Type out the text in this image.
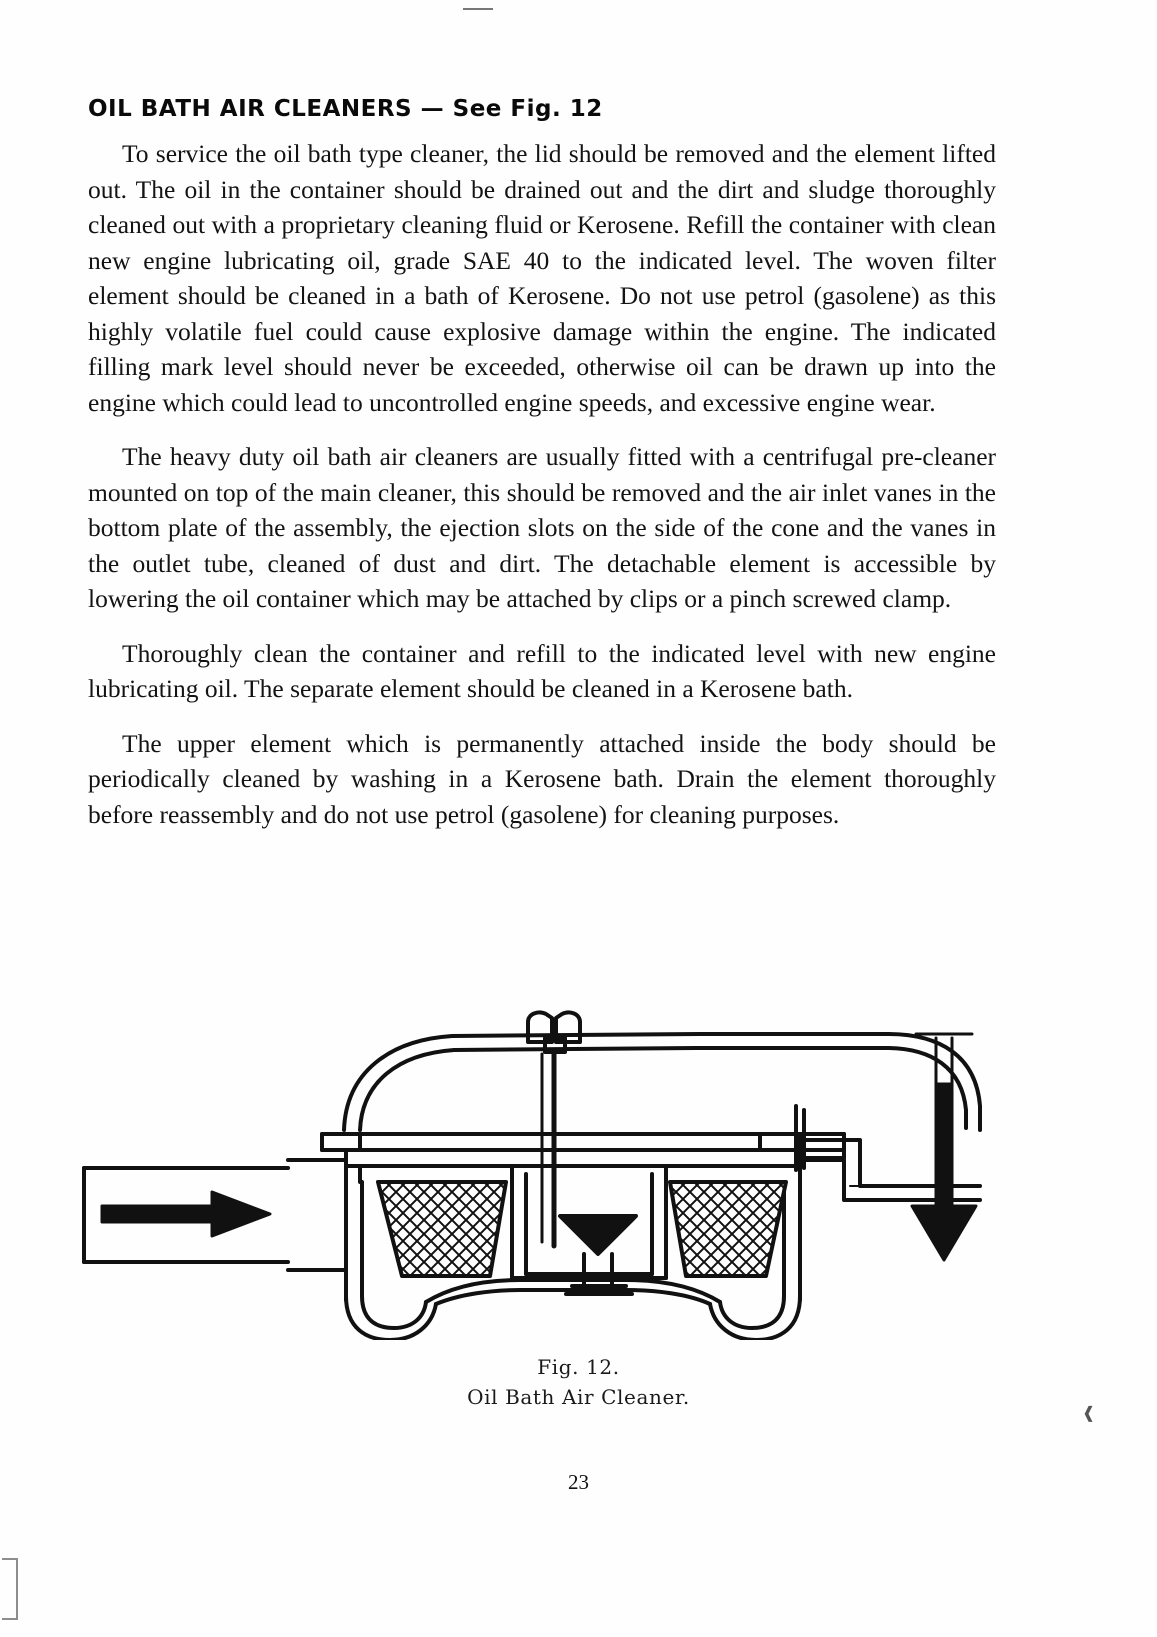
❰
OIL BATH AIR CLEANERS — See Fig. 12

To service the oil bath type cleaner, the lid should be removed and the element lifted out. The oil in the container should be drained out and the dirt and sludge thoroughly cleaned out with a proprietary cleaning fluid or Kerosene. Refill the container with clean new engine lubricating oil, grade SAE 40 to the indicated level. The woven filter element should be cleaned in a bath of Kerosene. Do not use petrol (gasolene) as this highly volatile fuel could cause explosive damage within the engine. The indicated filling mark level should never be exceeded, otherwise oil can be drawn up into the engine which could lead to uncontrolled engine speeds, and excessive engine wear.

The heavy duty oil bath air cleaners are usually fitted with a centrifugal pre-cleaner mounted on top of the main cleaner, this should be removed and the air inlet vanes in the bottom plate of the assembly, the ejection slots on the side of the cone and the vanes in the outlet tube, cleaned of dust and dirt. The detachable element is accessible by lowering the oil container which may be attached by clips or a pinch screwed clamp.

Thoroughly clean the container and refill to the indicated level with new engine lubricating oil. The separate element should be cleaned in a Kerosene bath.

The upper element which is permanently attached inside the body should be periodically cleaned by washing in a Kerosene bath. Drain the element thoroughly before reassembly and do not use petrol (gasolene) for cleaning purposes.

Fig. 12.
Oil Bath Air Cleaner.
23
